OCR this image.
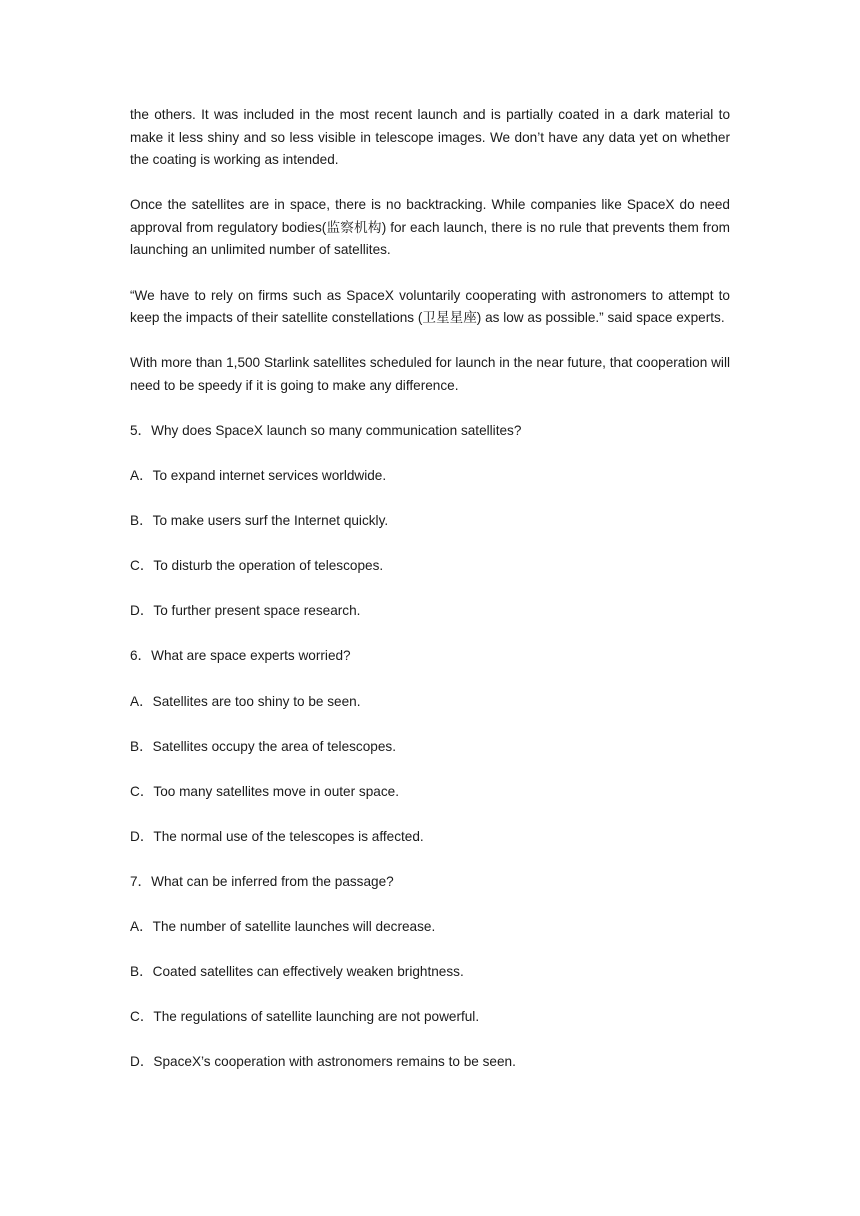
the others. It was included in the most recent launch and is partially coated in a dark material to make it less shiny and so less visible in telescope images. We don’t have any data yet on whether the coating is working as intended.

Once the satellites are in space, there is no backtracking. While companies like SpaceX do need approval from regulatory bodies(监察机构) for each launch, there is no rule that prevents them from launching an unlimited number of satellites.

“We have to rely on firms such as SpaceX voluntarily cooperating with astronomers to attempt to keep the impacts of their satellite constellations (卫星星座) as low as possible.” said space experts.

With more than 1,500 Starlink satellites scheduled for launch in the near future, that cooperation will need to be speedy if it is going to make any difference.

5．Why does SpaceX launch so many communication satellites?

A．To expand internet services worldwide.

B．To make users surf the Internet quickly.

C．To disturb the operation of telescopes.

D．To further present space research.

6．What are space experts worried?

A．Satellites are too shiny to be seen.

B．Satellites occupy the area of telescopes.

C．Too many satellites move in outer space.

D．The normal use of the telescopes is affected.

7．What can be inferred from the passage?

A．The number of satellite launches will decrease.

B．Coated satellites can effectively weaken brightness.

C．The regulations of satellite launching are not powerful.

D．SpaceX’s cooperation with astronomers remains to be seen.
